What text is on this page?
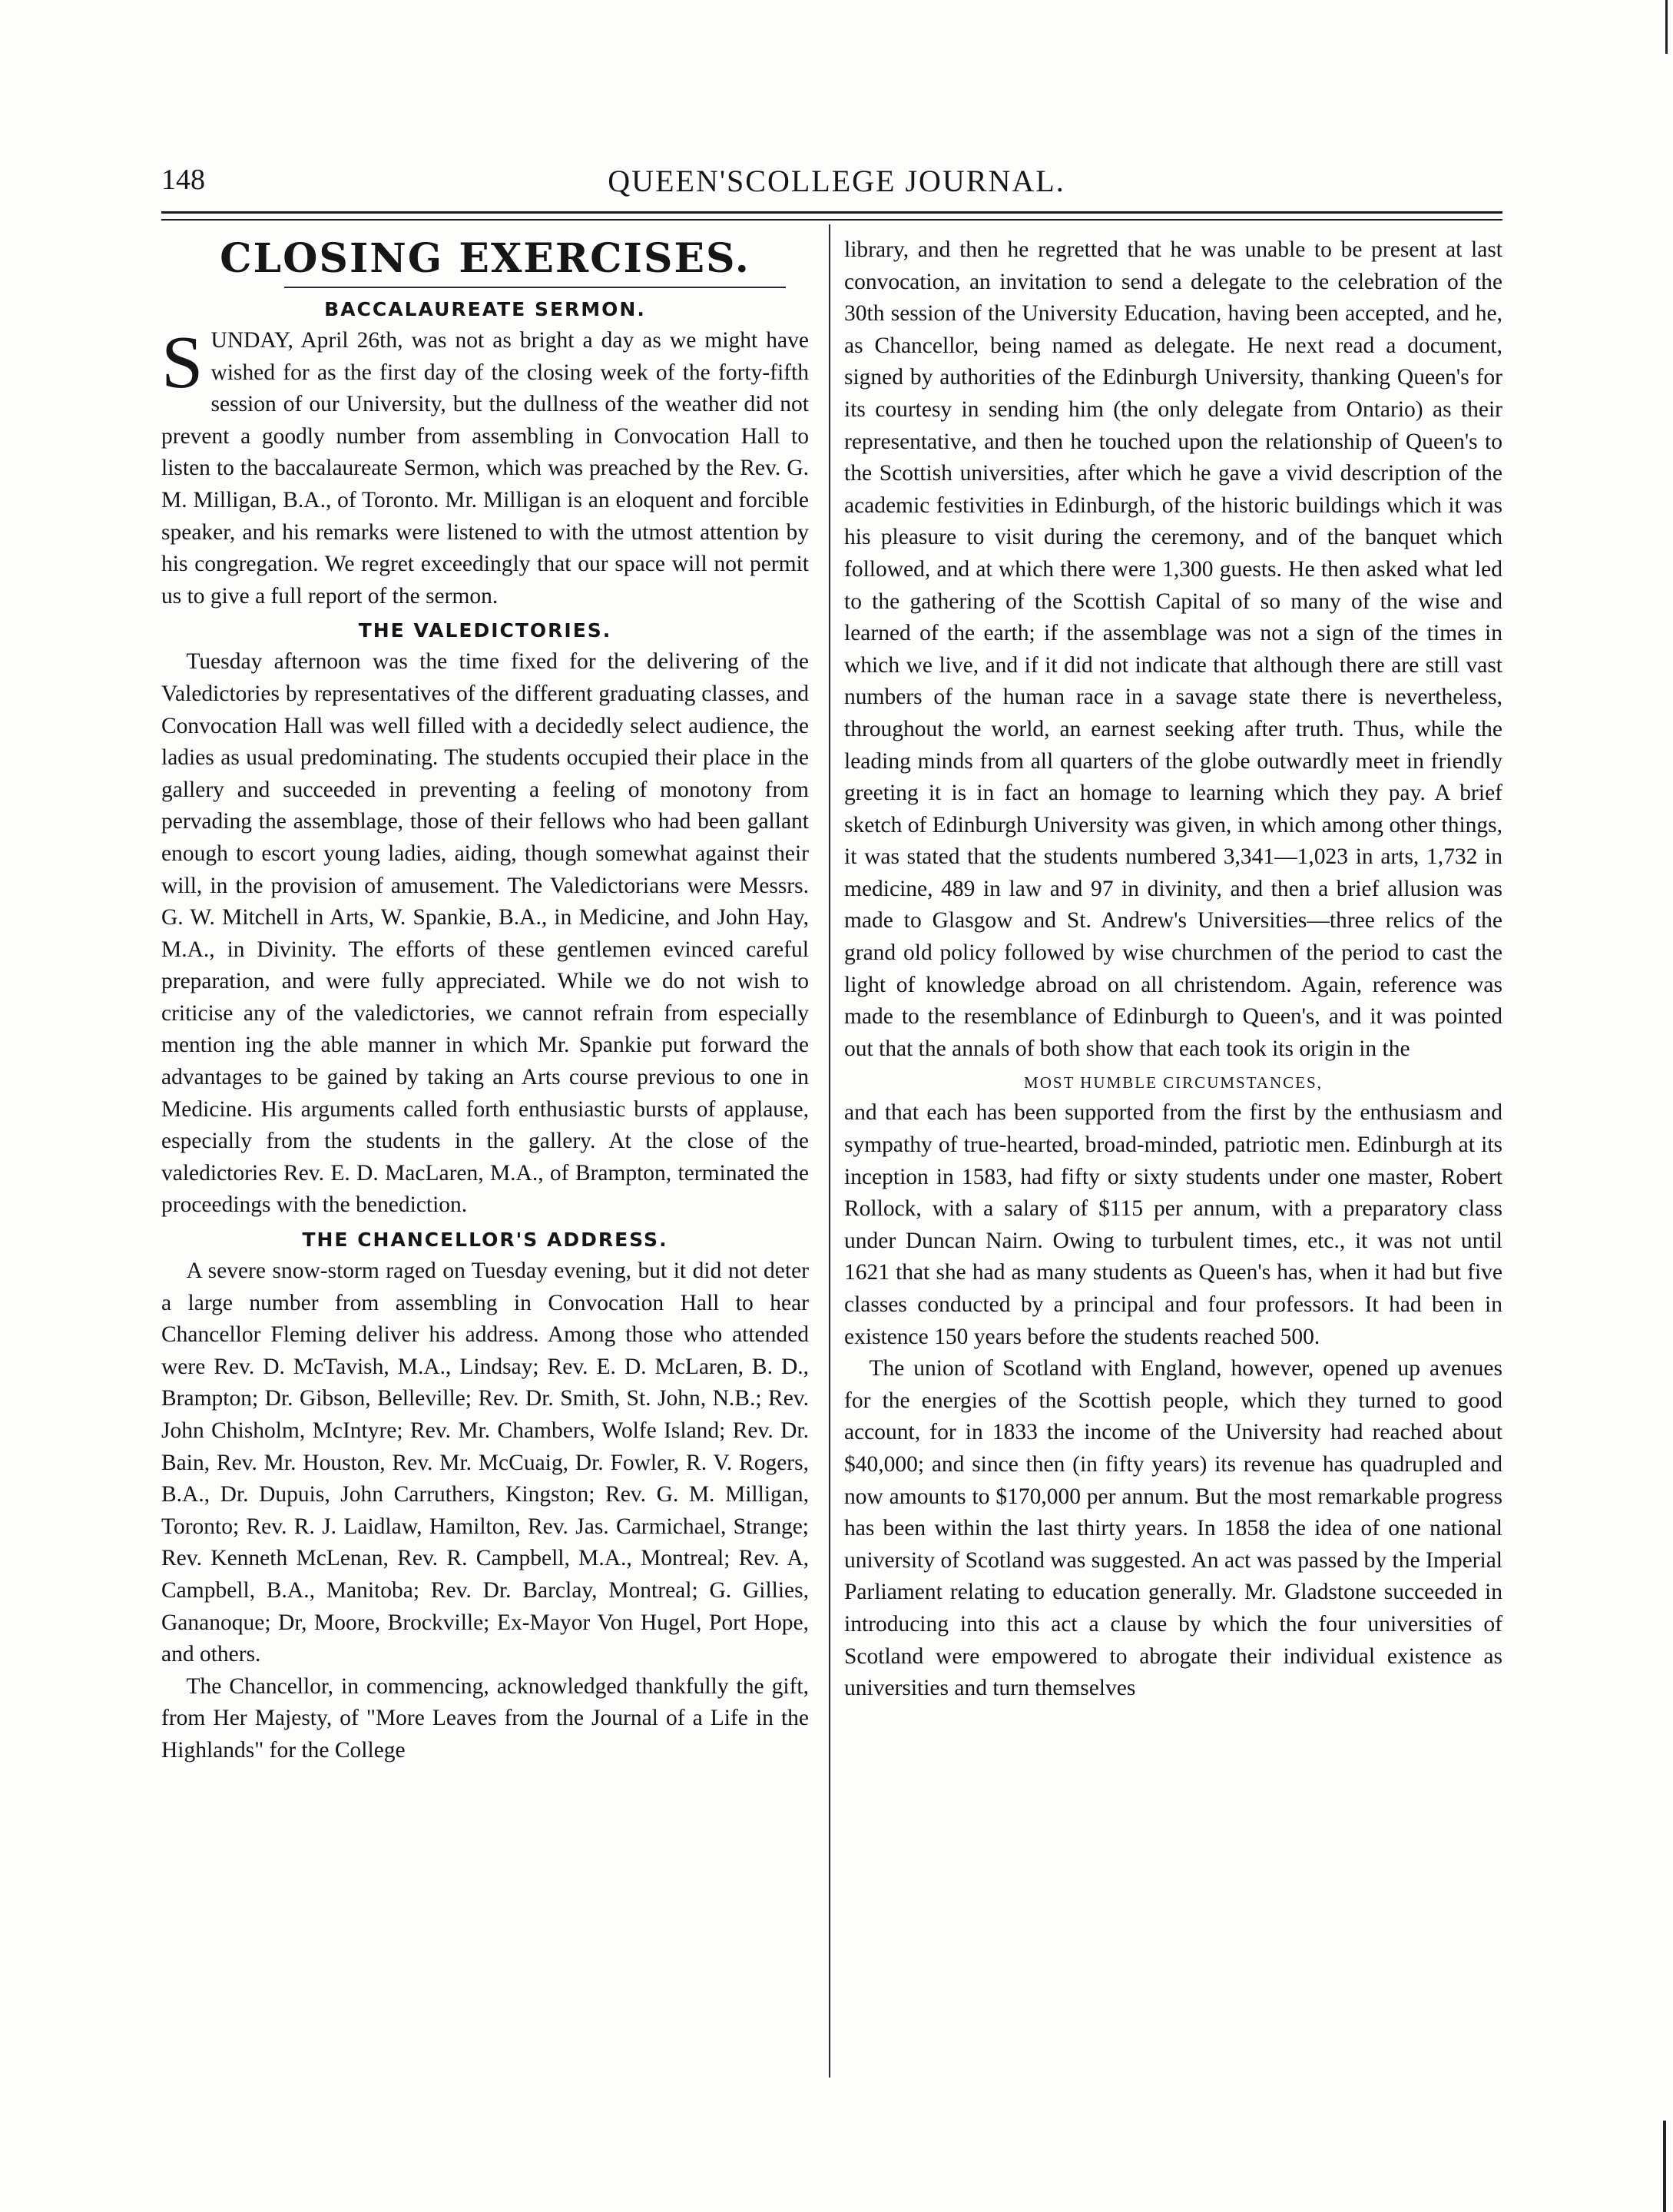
148	QUEEN'SCOLLEGE JOURNAL.
CLOSING EXERCISES.
BACCALAUREATE SERMON.

SUNDAY, April 26th, was not as bright a day as we might have wished for as the first day of the closing week of the forty-fifth session of our University, but the dullness of the weather did not prevent a goodly number from assembling in Convocation Hall to listen to the baccalaureate Sermon, which was preached by the Rev. G. M. Milligan, B.A., of Toronto. Mr. Milligan is an eloquent and forcible speaker, and his remarks were listened to with the utmost attention by his congregation. We regret exceedingly that our space will not permit us to give a full report of the sermon.

THE VALEDICTORIES.

Tuesday afternoon was the time fixed for the delivering of the Valedictories by representatives of the different graduating classes, and Convocation Hall was well filled with a decidedly select audience, the ladies as usual predominating. The students occupied their place in the gallery and succeeded in preventing a feeling of monotony from pervading the assemblage, those of their fellows who had been gallant enough to escort young ladies, aiding, though somewhat against their will, in the provision of amusement. The Valedictorians were Messrs. G. W. Mitchell in Arts, W. Spankie, B.A., in Medicine, and John Hay, M.A., in Divinity. The efforts of these gentlemen evinced careful preparation, and were fully appreciated. While we do not wish to criticise any of the valedictories, we cannot refrain from especially mention ing the able manner in which Mr. Spankie put forward the advantages to be gained by taking an Arts course previous to one in Medicine. His arguments called forth enthusiastic bursts of applause, especially from the students in the gallery. At the close of the valedictories Rev. E. D. MacLaren, M.A., of Brampton, terminated the proceedings with the benediction.

THE CHANCELLOR'S ADDRESS.

A severe snow-storm raged on Tuesday evening, but it did not deter a large number from assembling in Convocation Hall to hear Chancellor Fleming deliver his address. Among those who attended were Rev. D. McTavish, M.A., Lindsay; Rev. E. D. McLaren, B. D., Brampton; Dr. Gibson, Belleville; Rev. Dr. Smith, St. John, N.B.; Rev. John Chisholm, McIntyre; Rev. Mr. Chambers, Wolfe Island; Rev. Dr. Bain, Rev. Mr. Houston, Rev. Mr. McCuaig, Dr. Fowler, R. V. Rogers, B.A., Dr. Dupuis, John Carruthers, Kingston; Rev. G. M. Milligan, Toronto; Rev. R. J. Laidlaw, Hamilton, Rev. Jas. Carmichael, Strange; Rev. Kenneth McLenan, Rev. R. Campbell, M.A., Montreal; Rev. A, Campbell, B.A., Manitoba; Rev. Dr. Barclay, Montreal; G. Gillies, Gananoque; Dr, Moore, Brockville; Ex-Mayor Von Hugel, Port Hope, and others.

The Chancellor, in commencing, acknowledged thankfully the gift, from Her Majesty, of "More Leaves from the Journal of a Life in the Highlands" for the College

library, and then he regretted that he was unable to be present at last convocation, an invitation to send a delegate to the celebration of the 30th session of the University Education, having been accepted, and he, as Chancellor, being named as delegate. He next read a document, signed by authorities of the Edinburgh University, thanking Queen's for its courtesy in sending him (the only delegate from Ontario) as their representative, and then he touched upon the relationship of Queen's to the Scottish universities, after which he gave a vivid description of the academic festivities in Edinburgh, of the historic buildings which it was his pleasure to visit during the ceremony, and of the banquet which followed, and at which there were 1,300 guests. He then asked what led to the gathering of the Scottish Capital of so many of the wise and learned of the earth; if the assemblage was not a sign of the times in which we live, and if it did not indicate that although there are still vast numbers of the human race in a savage state there is nevertheless, throughout the world, an earnest seeking after truth. Thus, while the leading minds from all quarters of the globe outwardly meet in friendly greeting it is in fact an homage to learning which they pay. A brief sketch of Edinburgh University was given, in which among other things, it was stated that the students numbered 3,341—1,023 in arts, 1,732 in medicine, 489 in law and 97 in divinity, and then a brief allusion was made to Glasgow and St. Andrew's Universities—three relics of the grand old policy followed by wise churchmen of the period to cast the light of knowledge abroad on all christendom. Again, reference was made to the resemblance of Edinburgh to Queen's, and it was pointed out that the annals of both show that each took its origin in the

MOST HUMBLE CIRCUMSTANCES,

and that each has been supported from the first by the enthusiasm and sympathy of true-hearted, broad-minded, patriotic men. Edinburgh at its inception in 1583, had fifty or sixty students under one master, Robert Rollock, with a salary of $115 per annum, with a preparatory class under Duncan Nairn. Owing to turbulent times, etc., it was not until 1621 that she had as many students as Queen's has, when it had but five classes conducted by a principal and four professors. It had been in existence 150 years before the students reached 500.

The union of Scotland with England, however, opened up avenues for the energies of the Scottish people, which they turned to good account, for in 1833 the income of the University had reached about $40,000; and since then (in fifty years) its revenue has quadrupled and now amounts to $170,000 per annum. But the most remarkable progress has been within the last thirty years. In 1858 the idea of one national university of Scotland was suggested. An act was passed by the Imperial Parliament relating to education generally. Mr. Gladstone succeeded in introducing into this act a clause by which the four universities of Scotland were empowered to abrogate their individual existence as universities and turn themselves
